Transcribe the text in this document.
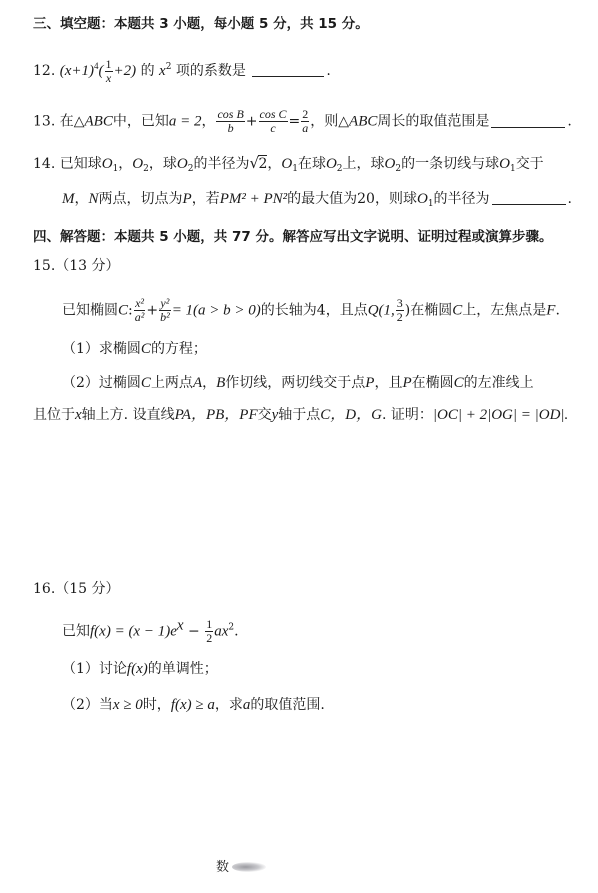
三、填空题：本题共 3 小题，每小题 5 分，共 15 分。
12. $(x+1)^4( \frac{1}{x} +2)$ 的 $x^2$ 项的系数是	.
13. 在△ABC中，已知a = 2， $\frac{\text{cos B}}{b} + \frac{\text{cos C}}{c} = \frac{2}{a}$ ，则△ABC周长的取值范围是	.
14. 已知球$O_1$，$O_2$，球$O_2$的半径为√ 2，$O_1$在球$O_2$上，球$O_2$的一条切线与球$O_1$交于
M，N两点，切点为P，若PM² + PN²的最大值为20，则球$O_1$的半径为	.
四、解答题：本题共 5 小题，共 77 分。解答应写出文字说明、证明过程或演算步骤。
15.（13 分）
已知椭圆C: $\frac{\text{x²}}{\text{a²}} + \frac{\text{y²}}{\text{b²}} = 1(a > b > 0)$的长轴为4，且点Q(1, $\frac{3}{2}$ )在椭圆C上，左焦点是F.
（1）求椭圆C的方程；
（2）过椭圆C上两点A，B作切线，两切线交于点P，且P在椭圆C的左准线上
且位于x轴上方. 设直线PA，PB，PF交y轴于点C，D，G. 证明：|OC| + 2|OG| = |OD|.
16.（15 分）
已知$f(x) = (x - 1)e^x - \frac{1}{2} ax^2$.
（1）讨论f(x)的单调性；
（2）当x ≥ 0时，f(x) ≥ a，求a的取值范围.
数
